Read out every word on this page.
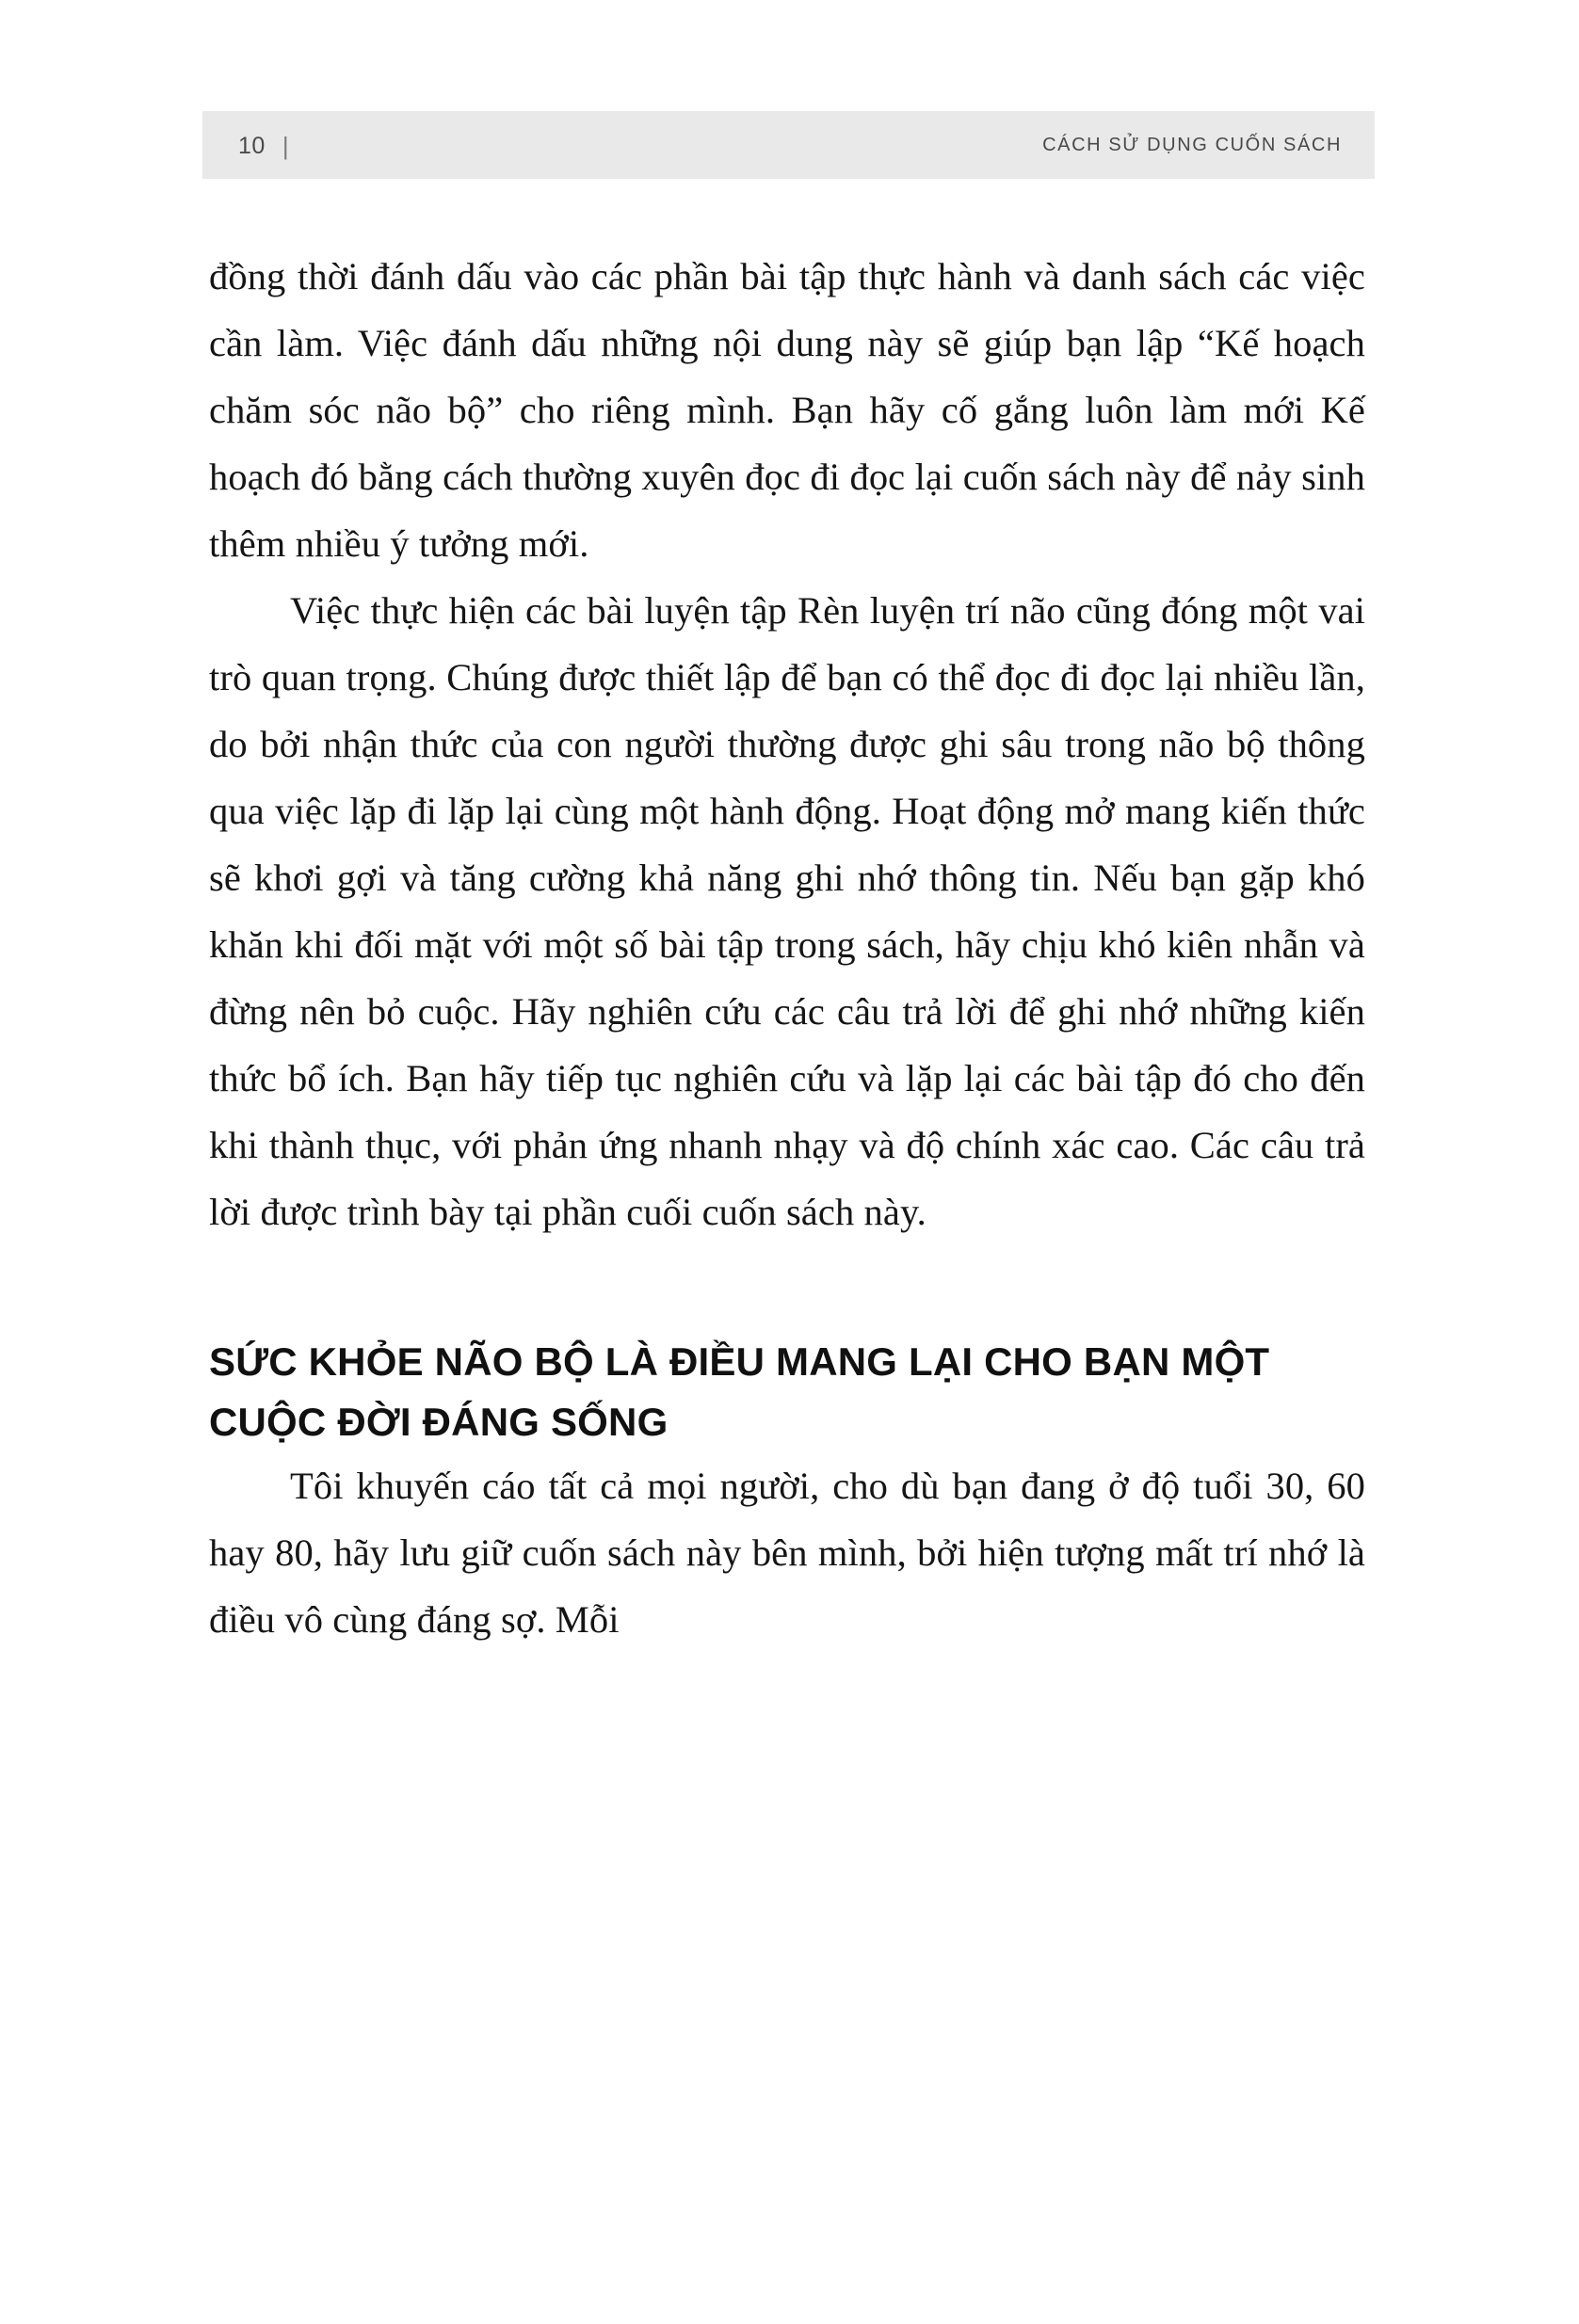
10 |	CÁCH SỬ DỤNG CUỐN SÁCH

đồng thời đánh dấu vào các phần bài tập thực hành và danh sách các việc cần làm. Việc đánh dấu những nội dung này sẽ giúp bạn lập “Kế hoạch chăm sóc não bộ” cho riêng mình. Bạn hãy cố gắng luôn làm mới Kế hoạch đó bằng cách thường xuyên đọc đi đọc lại cuốn sách này để nảy sinh thêm nhiều ý tưởng mới.

Việc thực hiện các bài luyện tập Rèn luyện trí não cũng đóng một vai trò quan trọng. Chúng được thiết lập để bạn có thể đọc đi đọc lại nhiều lần, do bởi nhận thức của con người thường được ghi sâu trong não bộ thông qua việc lặp đi lặp lại cùng một hành động. Hoạt động mở mang kiến thức sẽ khơi gợi và tăng cường khả năng ghi nhớ thông tin. Nếu bạn gặp khó khăn khi đối mặt với một số bài tập trong sách, hãy chịu khó kiên nhẫn và đừng nên bỏ cuộc. Hãy nghiên cứu các câu trả lời để ghi nhớ những kiến thức bổ ích. Bạn hãy tiếp tục nghiên cứu và lặp lại các bài tập đó cho đến khi thành thục, với phản ứng nhanh nhạy và độ chính xác cao. Các câu trả lời được trình bày tại phần cuối cuốn sách này.

SỨC KHỎE NÃO BỘ LÀ ĐIỀU MANG LẠI CHO BẠN MỘT CUỘC ĐỜI ĐÁNG SỐNG

Tôi khuyến cáo tất cả mọi người, cho dù bạn đang ở độ tuổi 30, 60 hay 80, hãy lưu giữ cuốn sách này bên mình, bởi hiện tượng mất trí nhớ là điều vô cùng đáng sợ. Mỗi
